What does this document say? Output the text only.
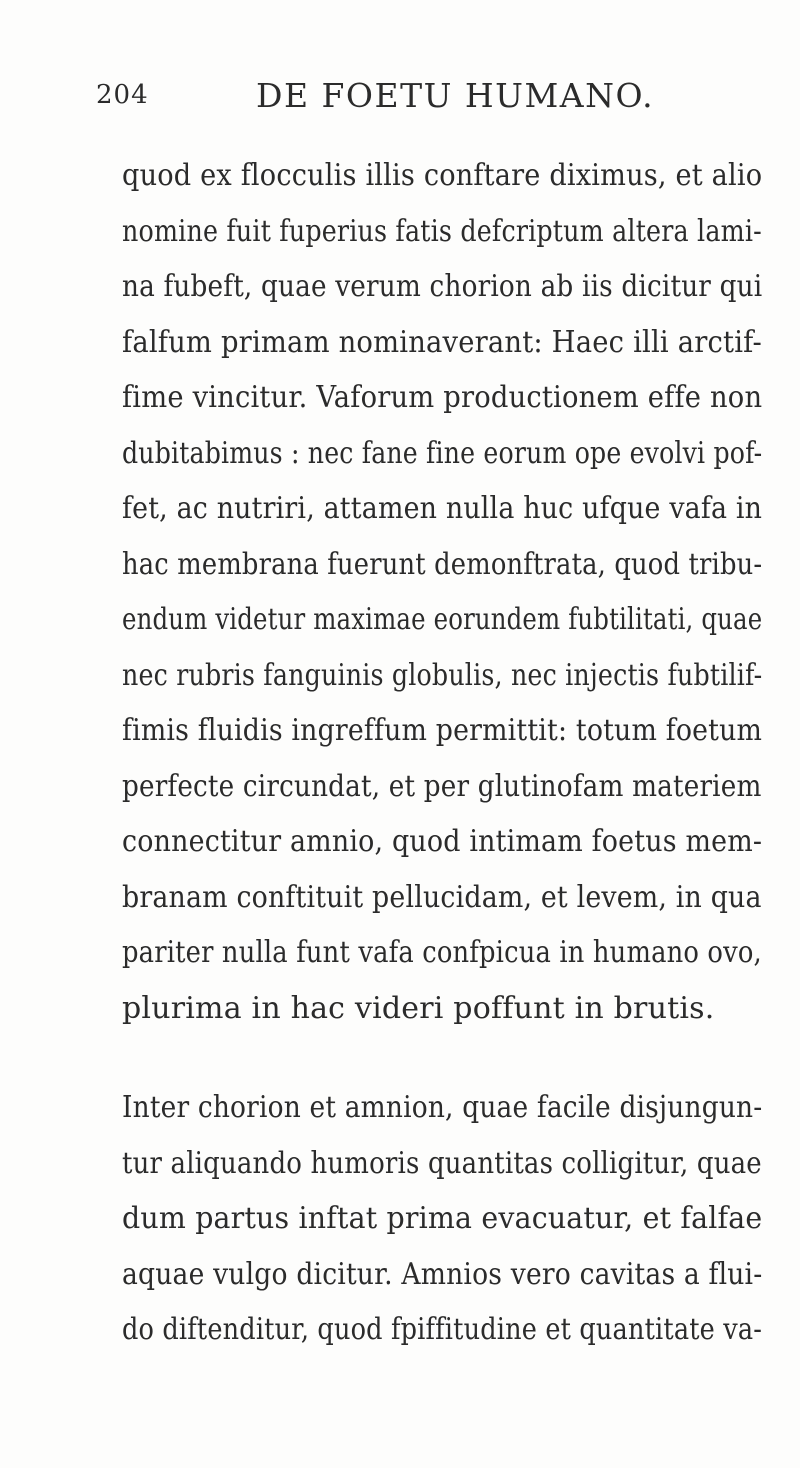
204	DE FOETU HUMANO.
quod ex flocculis illis conftare diximus, et alio
nomine fuit fuperius fatis defcriptum altera lami-
na fubeft, quae verum chorion ab iis dicitur qui
falfum primam nominaverant: Haec illi arctif-
fime vincitur. Vaforum productionem effe non
dubitabimus : nec fane fine eorum ope evolvi pof-
fet, ac nutriri, attamen nulla huc ufque vafa in
hac membrana fuerunt demonftrata, quod tribu-
endum videtur maximae eorundem fubtilitati, quae
nec rubris fanguinis globulis, nec injectis fubtilif-
fimis fluidis ingreffum permittit: totum foetum
perfecte circundat, et per glutinofam materiem
connectitur amnio, quod intimam foetus mem-
branam conftituit pellucidam, et levem, in qua
pariter nulla funt vafa confpicua in humano ovo,
plurima in hac videri poffunt in brutis.
Inter chorion et amnion, quae facile disjungun-
tur aliquando humoris quantitas colligitur, quae
dum partus inftat prima evacuatur, et falfae
aquae vulgo dicitur. Amnios vero cavitas a flui-
do diftenditur, quod fpiffitudine et quantitate va-
